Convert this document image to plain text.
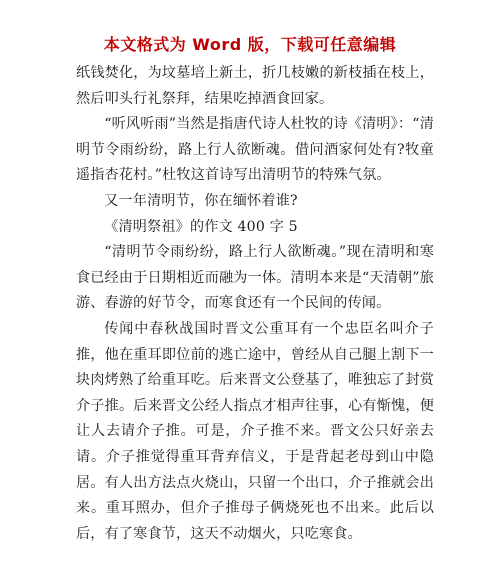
本文格式为 Word 版，下载可任意编辑

纸钱焚化，为坟墓培上新土，折几枝嫩的新枝插在枝上，然后叩头行礼祭拜，结果吃掉酒食回家。

“听风听雨”当然是指唐代诗人杜牧的诗《清明》：“清明节令雨纷纷，路上行人欲断魂。借问酒家何处有?牧童遥指杏花村。”杜牧这首诗写出清明节的特殊气氛。

又一年清明节，你在缅怀着谁?

《清明祭祖》的作文 400 字 5

“清明节令雨纷纷，路上行人欲断魂。”现在清明和寒食已经由于日期相近而融为一体。清明本来是“天清朝”旅游、春游的好节令，而寒食还有一个民间的传闻。

传闻中春秋战国时晋文公重耳有一个忠臣名叫介子推，他在重耳即位前的逃亡途中，曾经从自己腿上割下一块肉烤熟了给重耳吃。后来晋文公登基了，唯独忘了封赏介子推。后来晋文公经人指点才相声往事，心有惭愧，便让人去请介子推。可是，介子推不来。晋文公只好亲去请。介子推觉得重耳背弃信义，于是背起老母到山中隐居。有人出方法点火烧山，只留一个出口，介子推就会出来。重耳照办，但介子推母子俩烧死也不出来。此后以后，有了寒食节，这天不动烟火，只吃寒食。
